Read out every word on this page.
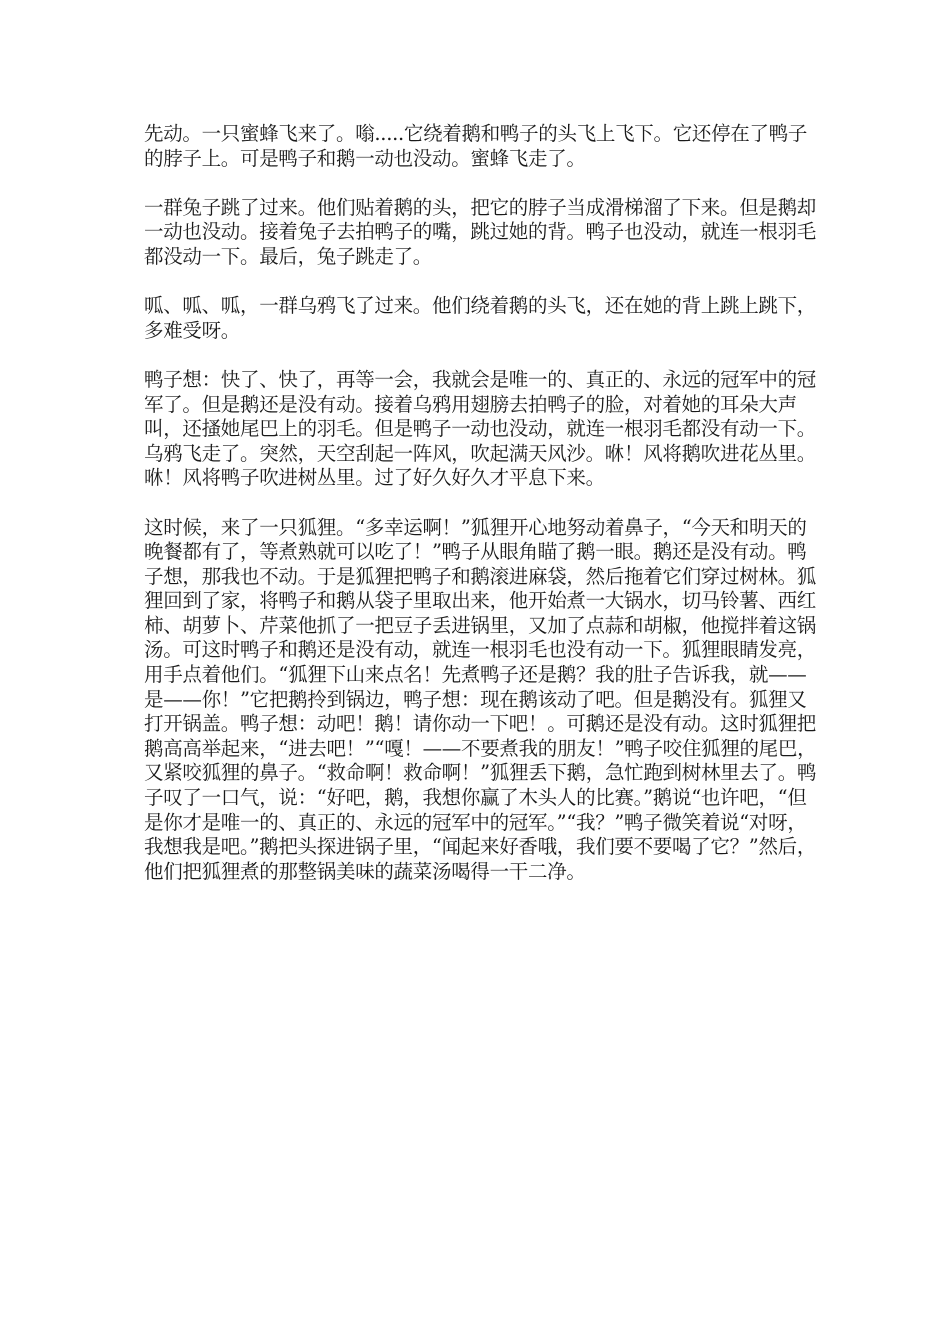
先动。一只蜜蜂飞来了。嗡.....它绕着鹅和鸭子的头飞上飞下。它还停在了鸭子的脖子上。可是鸭子和鹅一动也没动。蜜蜂飞走了。

一群兔子跳了过来。他们贴着鹅的头，把它的脖子当成滑梯溜了下来。但是鹅却一动也没动。接着兔子去拍鸭子的嘴，跳过她的背。鸭子也没动，就连一根羽毛都没动一下。最后，兔子跳走了。

呱、呱、呱，一群乌鸦飞了过来。他们绕着鹅的头飞，还在她的背上跳上跳下，多难受呀。

鸭子想：快了、快了，再等一会，我就会是唯一的、真正的、永远的冠军中的冠军了。但是鹅还是没有动。接着乌鸦用翅膀去拍鸭子的脸，对着她的耳朵大声叫，还搔她尾巴上的羽毛。但是鸭子一动也没动，就连一根羽毛都没有动一下。乌鸦飞走了。突然，天空刮起一阵风，吹起满天风沙。咻！风将鹅吹进花丛里。咻！风将鸭子吹进树丛里。过了好久好久才平息下来。

这时候，来了一只狐狸。“多幸运啊！”狐狸开心地努动着鼻子，“今天和明天的晚餐都有了，等煮熟就可以吃了！”鸭子从眼角瞄了鹅一眼。鹅还是没有动。鸭子想，那我也不动。于是狐狸把鸭子和鹅滚进麻袋，然后拖着它们穿过树林。狐狸回到了家，将鸭子和鹅从袋子里取出来，他开始煮一大锅水，切马铃薯、西红柿、胡萝卜、芹菜他抓了一把豆子丢进锅里，又加了点蒜和胡椒，他搅拌着这锅汤。可这时鸭子和鹅还是没有动，就连一根羽毛也没有动一下。狐狸眼睛发亮，用手点着他们。“狐狸下山来点名！先煮鸭子还是鹅？我的肚子告诉我，就——是——你！”它把鹅拎到锅边，鸭子想：现在鹅该动了吧。但是鹅没有。狐狸又打开锅盖。鸭子想：动吧！鹅！请你动一下吧！。可鹅还是没有动。这时狐狸把鹅高高举起来，“进去吧！”“嘎！——不要煮我的朋友！”鸭子咬住狐狸的尾巴，又紧咬狐狸的鼻子。“救命啊！救命啊！”狐狸丢下鹅，急忙跑到树林里去了。鸭子叹了一口气，说：“好吧，鹅，我想你赢了木头人的比赛。”鹅说“也许吧，“但是你才是唯一的、真正的、永远的冠军中的冠军。”“我？”鸭子微笑着说“对呀，我想我是吧。”鹅把头探进锅子里，“闻起来好香哦，我们要不要喝了它？”然后，他们把狐狸煮的那整锅美味的蔬菜汤喝得一干二净。
